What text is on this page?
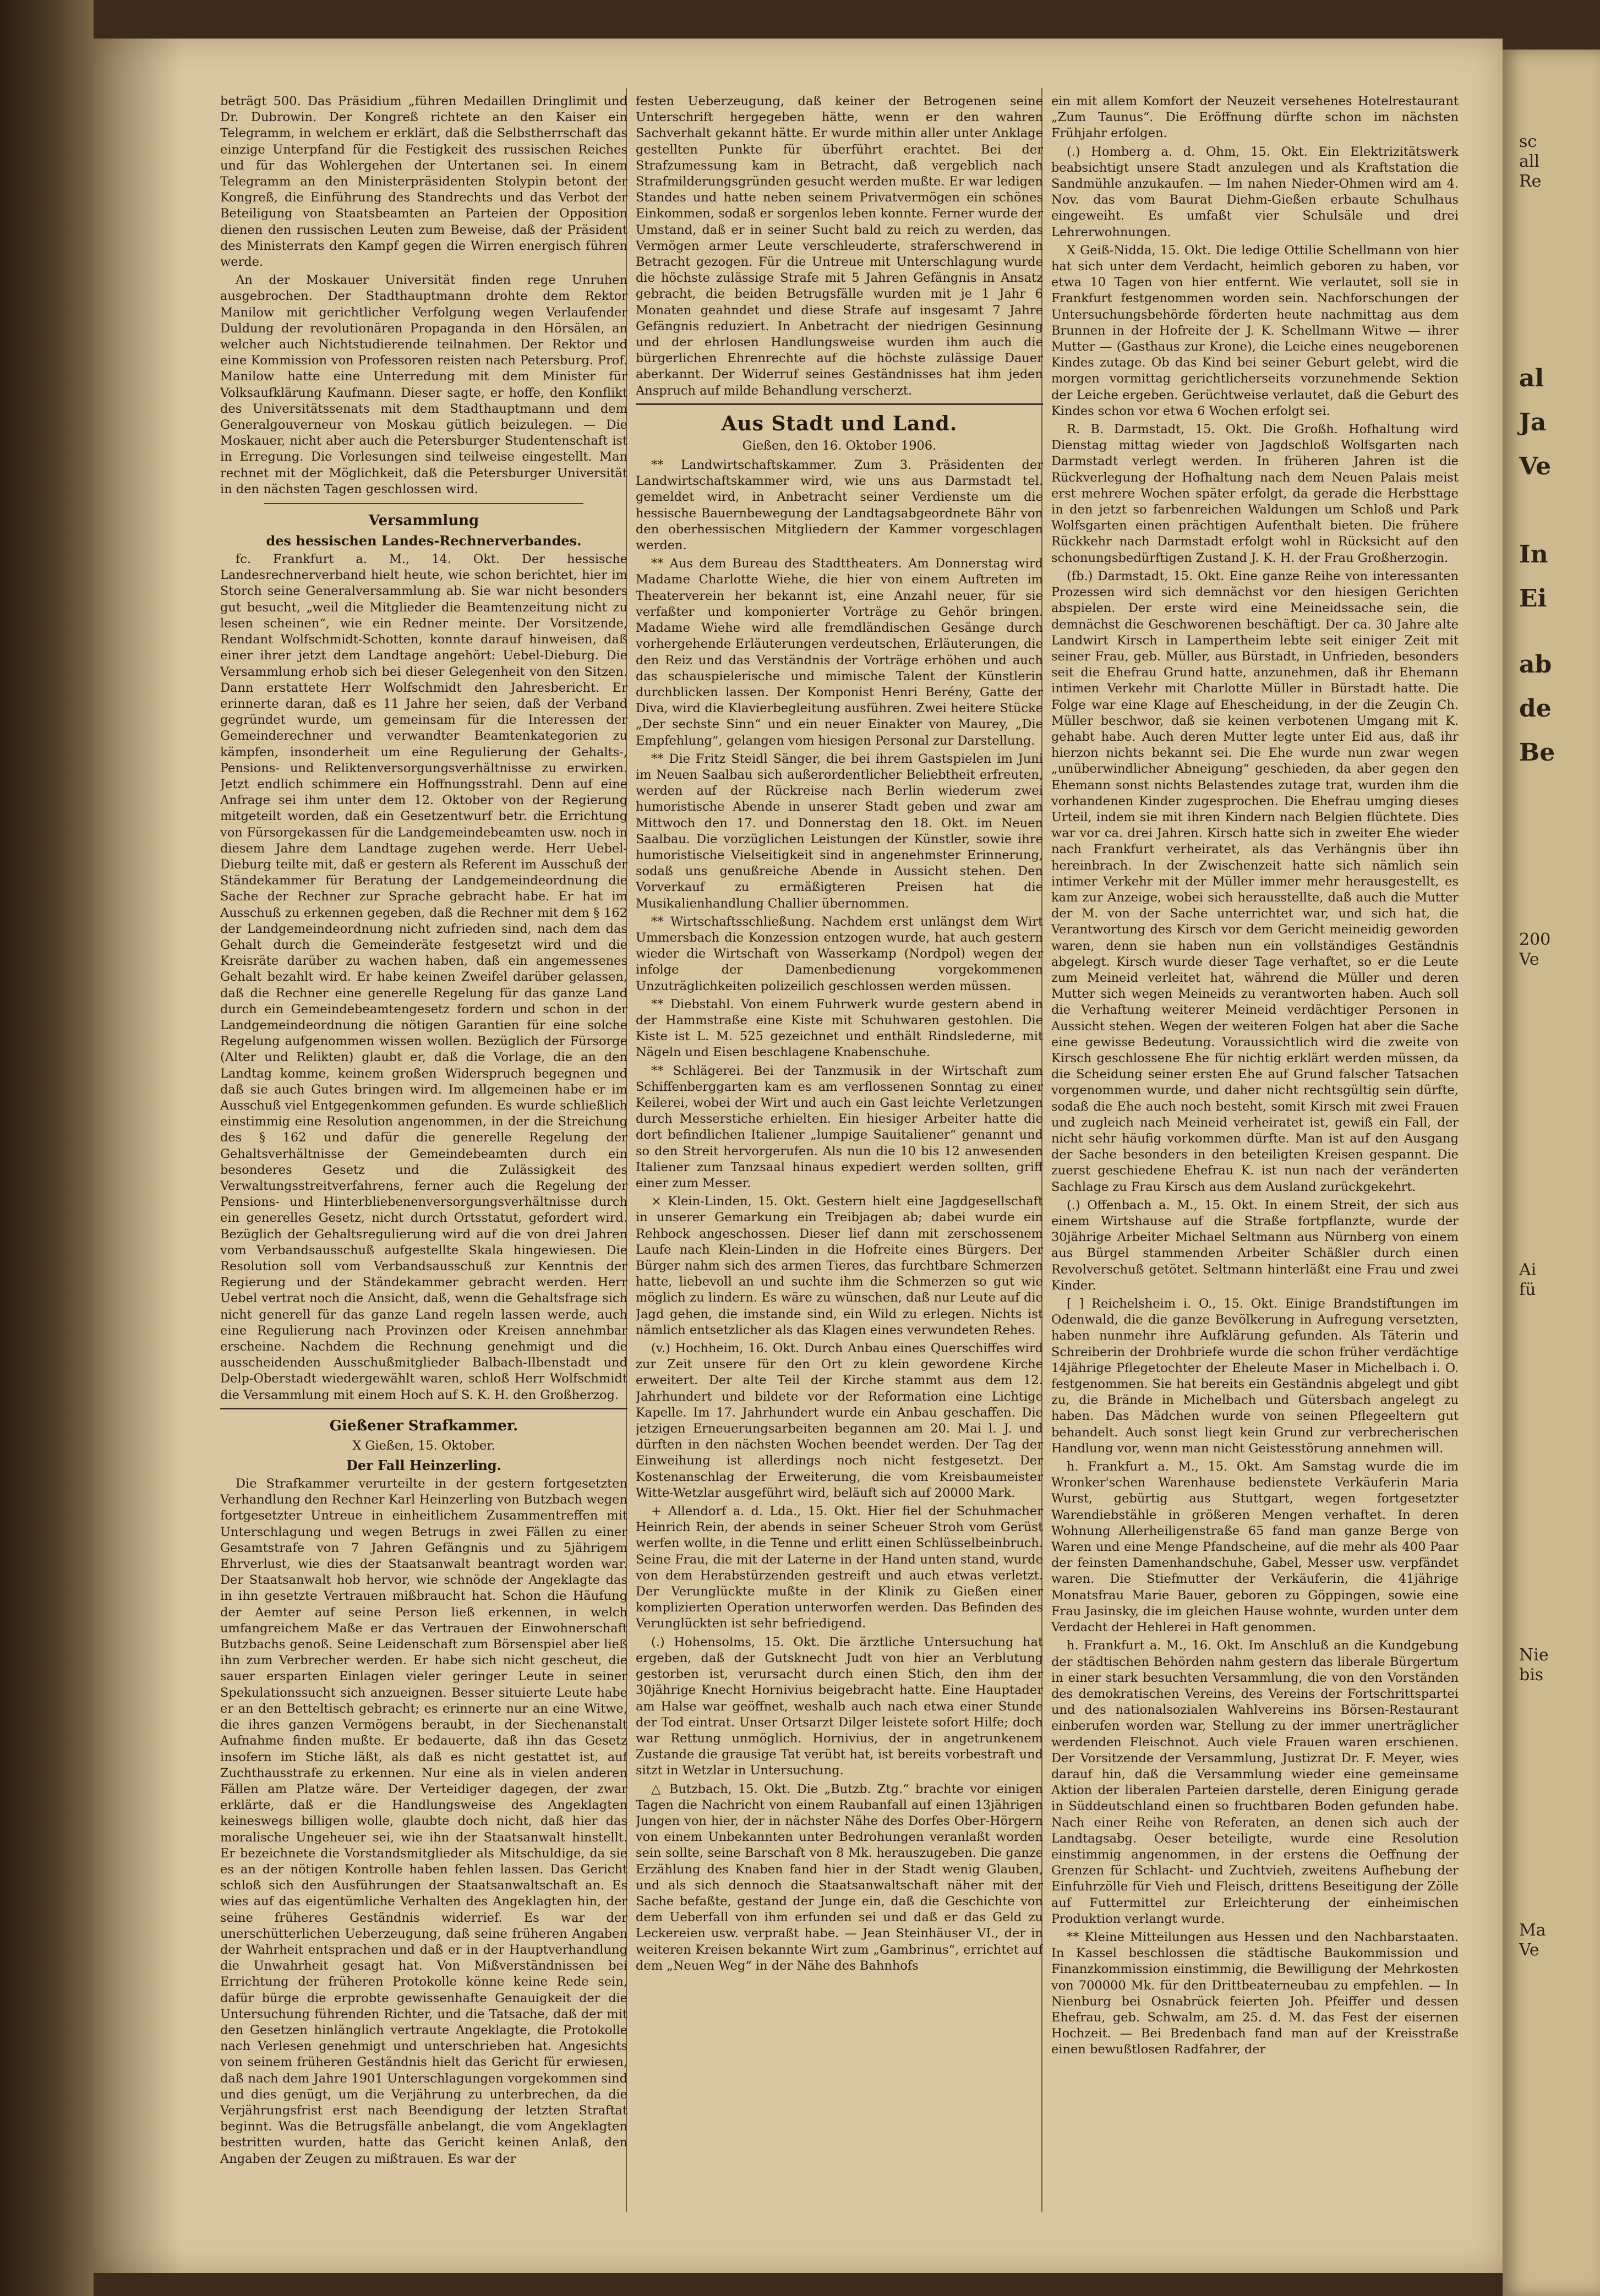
sc
all
Re
al
Ja
Ve
In
Ei
ab
de
Be
200
Ve
Ai
fü
Nie
bis
Ma
Ve

beträgt 500. Das Präsidium „führen Medaillen Dringlimit und Dr. Dubrowin. Der Kongreß richtete an den Kaiser ein Telegramm, in welchem er erklärt, daß die Selbstherrschaft das einzige Unterpfand für die Festigkeit des russischen Reiches und für das Wohlergehen der Untertanen sei. In einem Telegramm an den Ministerpräsidenten Stolypin betont der Kongreß, die Einführung des Standrechts und das Verbot der Beteiligung von Staatsbeamten an Parteien der Opposition dienen den russischen Leuten zum Beweise, daß der Präsident des Ministerrats den Kampf gegen die Wirren energisch führen werde.

An der Moskauer Universität finden rege Unruhen ausgebrochen. Der Stadthauptmann drohte dem Rektor Manilow mit gerichtlicher Verfolgung wegen Verlaufender Duldung der revolutionären Propaganda in den Hörsälen, an welcher auch Nichtstudierende teilnahmen. Der Rektor und eine Kommission von Professoren reisten nach Petersburg. Prof. Manilow hatte eine Unterredung mit dem Minister für Volksaufklärung Kaufmann. Dieser sagte, er hoffe, den Konflikt des Universitätssenats mit dem Stadthauptmann und dem Generalgouverneur von Moskau gütlich beizulegen. — Die Moskauer, nicht aber auch die Petersburger Studentenschaft ist in Erregung. Die Vorlesungen sind teilweise eingestellt. Man rechnet mit der Möglichkeit, daß die Petersburger Universität in den nächsten Tagen geschlossen wird.

Versammlung

des hessischen Landes-Rechnerverbandes.

fc. Frankfurt a. M., 14. Okt. Der hessische Landesrechnerverband hielt heute, wie schon berichtet, hier im Storch seine Generalversammlung ab. Sie war nicht besonders gut besucht, „weil die Mitglieder die Beamtenzeitung nicht zu lesen scheinen“, wie ein Redner meinte. Der Vorsitzende, Rendant Wolfschmidt-Schotten, konnte darauf hinweisen, daß einer ihrer jetzt dem Landtage angehört: Uebel-Dieburg. Die Versammlung erhob sich bei dieser Gelegenheit von den Sitzen. Dann erstattete Herr Wolfschmidt den Jahresbericht. Er erinnerte daran, daß es 11 Jahre her seien, daß der Verband gegründet wurde, um gemeinsam für die Interessen der Gemeinderechner und verwandter Beamtenkategorien zu kämpfen, insonderheit um eine Regulierung der Gehalts-, Pensions- und Reliktenversorgungsverhältnisse zu erwirken. Jetzt endlich schimmere ein Hoffnungsstrahl. Denn auf eine Anfrage sei ihm unter dem 12. Oktober von der Regierung mitgeteilt worden, daß ein Gesetzentwurf betr. die Errichtung von Fürsorgekassen für die Landgemeindebeamten usw. noch in diesem Jahre dem Landtage zugehen werde. Herr Uebel-Dieburg teilte mit, daß er gestern als Referent im Ausschuß der Ständekammer für Beratung der Landgemeindeordnung die Sache der Rechner zur Sprache gebracht habe. Er hat im Ausschuß zu erkennen gegeben, daß die Rechner mit dem § 162 der Landgemeindeordnung nicht zufrieden sind, nach dem das Gehalt durch die Gemeinderäte festgesetzt wird und die Kreisräte darüber zu wachen haben, daß ein angemessenes Gehalt bezahlt wird. Er habe keinen Zweifel darüber gelassen, daß die Rechner eine generelle Regelung für das ganze Land durch ein Gemeindebeamtengesetz fordern und schon in der Landgemeindeordnung die nötigen Garantien für eine solche Regelung aufgenommen wissen wollen. Bezüglich der Fürsorge (Alter und Relikten) glaubt er, daß die Vorlage, die an den Landtag komme, keinem großen Widerspruch begegnen und daß sie auch Gutes bringen wird. Im allgemeinen habe er im Ausschuß viel Entgegenkommen gefunden. Es wurde schließlich einstimmig eine Resolution angenommen, in der die Streichung des § 162 und dafür die generelle Regelung der Gehaltsverhältnisse der Gemeindebeamten durch ein besonderes Gesetz und die Zulässigkeit des Verwaltungsstreitverfahrens, ferner auch die Regelung der Pensions- und Hinterbliebenenversorgungsverhältnisse durch ein generelles Gesetz, nicht durch Ortsstatut, gefordert wird. Bezüglich der Gehaltsregulierung wird auf die von drei Jahren vom Verbandsausschuß aufgestellte Skala hingewiesen. Die Resolution soll vom Verbandsausschuß zur Kenntnis der Regierung und der Ständekammer gebracht werden. Herr Uebel vertrat noch die Ansicht, daß, wenn die Gehaltsfrage sich nicht generell für das ganze Land regeln lassen werde, auch eine Regulierung nach Provinzen oder Kreisen annehmbar erscheine. Nachdem die Rechnung genehmigt und die ausscheidenden Ausschußmitglieder Balbach-Ilbenstadt und Delp-Oberstadt wiedergewählt waren, schloß Herr Wolfschmidt die Versammlung mit einem Hoch auf S. K. H. den Großherzog.

Gießener Strafkammer.

X Gießen, 15. Oktober.

Der Fall Heinzerling.

Die Strafkammer verurteilte in der gestern fortgesetzten Verhandlung den Rechner Karl Heinzerling von Butzbach wegen fortgesetzter Untreue in einheitlichem Zusammentreffen mit Unterschlagung und wegen Betrugs in zwei Fällen zu einer Gesamtstrafe von 7 Jahren Gefängnis und zu 5jährigem Ehrverlust, wie dies der Staatsanwalt beantragt worden war. Der Staatsanwalt hob hervor, wie schnöde der Angeklagte das in ihn gesetzte Vertrauen mißbraucht hat. Schon die Häufung der Aemter auf seine Person ließ erkennen, in welch umfangreichem Maße er das Vertrauen der Einwohnerschaft Butzbachs genoß. Seine Leidenschaft zum Börsenspiel aber ließ ihn zum Verbrecher werden. Er habe sich nicht gescheut, die sauer ersparten Einlagen vieler geringer Leute in seiner Spekulationssucht sich anzueignen. Besser situierte Leute habe er an den Betteltisch gebracht; es erinnerte nur an eine Witwe, die ihres ganzen Vermögens beraubt, in der Siechenanstalt Aufnahme finden mußte. Er bedauerte, daß ihn das Gesetz insofern im Stiche läßt, als daß es nicht gestattet ist, auf Zuchthausstrafe zu erkennen. Nur eine als in vielen anderen Fällen am Platze wäre. Der Verteidiger dagegen, der zwar erklärte, daß er die Handlungsweise des Angeklagten keineswegs billigen wolle, glaubte doch nicht, daß hier das moralische Ungeheuer sei, wie ihn der Staatsanwalt hinstellt. Er bezeichnete die Vorstandsmitglieder als Mitschuldige, da sie es an der nötigen Kontrolle haben fehlen lassen. Das Gericht schloß sich den Ausführungen der Staatsanwaltschaft an. Es wies auf das eigentümliche Verhalten des Angeklagten hin, der seine früheres Geständnis widerrief. Es war der unerschütterlichen Ueberzeugung, daß seine früheren Angaben der Wahrheit entsprachen und daß er in der Hauptverhandlung die Unwahrheit gesagt hat. Von Mißverständnissen bei Errichtung der früheren Protokolle könne keine Rede sein, dafür bürge die erprobte gewissenhafte Genauigkeit der die Untersuchung führenden Richter, und die Tatsache, daß der mit den Gesetzen hinlänglich vertraute Angeklagte, die Protokolle nach Verlesen genehmigt und unterschrieben hat. Angesichts von seinem früheren Geständnis hielt das Gericht für erwiesen, daß nach dem Jahre 1901 Unterschlagungen vorgekommen sind und dies genügt, um die Verjährung zu unterbrechen, da die Verjährungsfrist erst nach Beendigung der letzten Straftat beginnt. Was die Betrugsfälle anbelangt, die vom Angeklagten bestritten wurden, hatte das Gericht keinen Anlaß, den Angaben der Zeugen zu mißtrauen. Es war der

festen Ueberzeugung, daß keiner der Betrogenen seine Unterschrift hergegeben hätte, wenn er den wahren Sachverhalt gekannt hätte. Er wurde mithin aller unter Anklage gestellten Punkte für überführt erachtet. Bei der Strafzumessung kam in Betracht, daß vergeblich nach Strafmilderungsgründen gesucht werden mußte. Er war ledigen Standes und hatte neben seinem Privatvermögen ein schönes Einkommen, sodaß er sorgenlos leben konnte. Ferner wurde der Umstand, daß er in seiner Sucht bald zu reich zu werden, das Vermögen armer Leute verschleuderte, straferschwerend in Betracht gezogen. Für die Untreue mit Unterschlagung wurde die höchste zulässige Strafe mit 5 Jahren Gefängnis in Ansatz gebracht, die beiden Betrugsfälle wurden mit je 1 Jahr 6 Monaten geahndet und diese Strafe auf insgesamt 7 Jahre Gefängnis reduziert. In Anbetracht der niedrigen Gesinnung und der ehrlosen Handlungsweise wurden ihm auch die bürgerlichen Ehrenrechte auf die höchste zulässige Dauer aberkannt. Der Widerruf seines Geständnisses hat ihm jeden Anspruch auf milde Behandlung verscherzt.

Aus Stadt und Land.

Gießen, den 16. Oktober 1906.

** Landwirtschaftskammer. Zum 3. Präsidenten der Landwirtschaftskammer wird, wie uns aus Darmstadt tel. gemeldet wird, in Anbetracht seiner Verdienste um die hessische Bauernbewegung der Landtagsabgeordnete Bähr von den oberhessischen Mitgliedern der Kammer vorgeschlagen werden.

** Aus dem Bureau des Stadttheaters. Am Donnerstag wird Madame Charlotte Wiehe, die hier von einem Auftreten im Theaterverein her bekannt ist, eine Anzahl neuer, für sie verfaßter und komponierter Vorträge zu Gehör bringen. Madame Wiehe wird alle fremdländischen Gesänge durch vorhergehende Erläuterungen verdeutschen, Erläuterungen, die den Reiz und das Verständnis der Vorträge erhöhen und auch das schauspielerische und mimische Talent der Künstlerin durchblicken lassen. Der Komponist Henri Berény, Gatte der Diva, wird die Klavierbegleitung ausführen. Zwei heitere Stücke „Der sechste Sinn“ und ein neuer Einakter von Maurey, „Die Empfehlung“, gelangen vom hiesigen Personal zur Darstellung.

** Die Fritz Steidl Sänger, die bei ihrem Gastspielen im Juni im Neuen Saalbau sich außerordentlicher Beliebtheit erfreuten, werden auf der Rückreise nach Berlin wiederum zwei humoristische Abende in unserer Stadt geben und zwar am Mittwoch den 17. und Donnerstag den 18. Okt. im Neuen Saalbau. Die vorzüglichen Leistungen der Künstler, sowie ihre humoristische Vielseitigkeit sind in angenehmster Erinnerung, sodaß uns genußreiche Abende in Aussicht stehen. Den Vorverkauf zu ermäßigteren Preisen hat die Musikalienhandlung Challier übernommen.

** Wirtschaftsschließung. Nachdem erst unlängst dem Wirt Ummersbach die Konzession entzogen wurde, hat auch gestern wieder die Wirtschaft von Wasserkamp (Nordpol) wegen der infolge der Damenbedienung vorgekommenen Unzuträglichkeiten polizeilich geschlossen werden müssen.

** Diebstahl. Von einem Fuhrwerk wurde gestern abend in der Hammstraße eine Kiste mit Schuhwaren gestohlen. Die Kiste ist L. M. 525 gezeichnet und enthält Rindslederne, mit Nägeln und Eisen beschlagene Knabenschuhe.

** Schlägerei. Bei der Tanzmusik in der Wirtschaft zum Schiffenberggarten kam es am verflossenen Sonntag zu einer Keilerei, wobei der Wirt und auch ein Gast leichte Verletzungen durch Messerstiche erhielten. Ein hiesiger Arbeiter hatte die dort befindlichen Italiener „lumpige Sauitaliener“ genannt und so den Streit hervorgerufen. Als nun die 10 bis 12 anwesenden Italiener zum Tanzsaal hinaus expediert werden sollten, griff einer zum Messer.

× Klein-Linden, 15. Okt. Gestern hielt eine Jagdgesellschaft in unserer Gemarkung ein Treibjagen ab; dabei wurde ein Rehbock angeschossen. Dieser lief dann mit zerschossenem Laufe nach Klein-Linden in die Hofreite eines Bürgers. Der Bürger nahm sich des armen Tieres, das furchtbare Schmerzen hatte, liebevoll an und suchte ihm die Schmerzen so gut wie möglich zu lindern. Es wäre zu wünschen, daß nur Leute auf die Jagd gehen, die imstande sind, ein Wild zu erlegen. Nichts ist nämlich entsetzlicher als das Klagen eines verwundeten Rehes.

(v.) Hochheim, 16. Okt. Durch Anbau eines Querschiffes wird zur Zeit unsere für den Ort zu klein gewordene Kirche erweitert. Der alte Teil der Kirche stammt aus dem 12. Jahrhundert und bildete vor der Reformation eine Lichtige Kapelle. Im 17. Jahrhundert wurde ein Anbau geschaffen. Die jetzigen Erneuerungsarbeiten begannen am 20. Mai l. J. und dürften in den nächsten Wochen beendet werden. Der Tag der Einweihung ist allerdings noch nicht festgesetzt. Der Kostenanschlag der Erweiterung, die vom Kreisbaumeister Witte-Wetzlar ausgeführt wird, beläuft sich auf 20000 Mark.

+ Allendorf a. d. Lda., 15. Okt. Hier fiel der Schuhmacher Heinrich Rein, der abends in seiner Scheuer Stroh vom Gerüst werfen wollte, in die Tenne und erlitt einen Schlüsselbeinbruch. Seine Frau, die mit der Laterne in der Hand unten stand, wurde von dem Herabstürzenden gestreift und auch etwas verletzt. Der Verunglückte mußte in der Klinik zu Gießen einer komplizierten Operation unterworfen werden. Das Befinden des Verunglückten ist sehr befriedigend.

(.) Hohensolms, 15. Okt. Die ärztliche Untersuchung hat ergeben, daß der Gutsknecht Judt von hier an Verblutung gestorben ist, verursacht durch einen Stich, den ihm der 30jährige Knecht Hornivius beigebracht hatte. Eine Hauptader am Halse war geöffnet, weshalb auch nach etwa einer Stunde der Tod eintrat. Unser Ortsarzt Dilger leistete sofort Hilfe; doch war Rettung unmöglich. Hornivius, der in angetrunkenem Zustande die grausige Tat verübt hat, ist bereits vorbestraft und sitzt in Wetzlar in Untersuchung.

△ Butzbach, 15. Okt. Die „Butzb. Ztg.“ brachte vor einigen Tagen die Nachricht von einem Raubanfall auf einen 13jährigen Jungen von hier, der in nächster Nähe des Dorfes Ober-Hörgern von einem Unbekannten unter Bedrohungen veranlaßt worden sein sollte, seine Barschaft von 8 Mk. herauszugeben. Die ganze Erzählung des Knaben fand hier in der Stadt wenig Glauben, und als sich dennoch die Staatsanwaltschaft näher mit der Sache befaßte, gestand der Junge ein, daß die Geschichte von dem Ueberfall von ihm erfunden sei und daß er das Geld zu Leckereien usw. verpraßt habe. — Jean Steinhäuser VI., der in weiteren Kreisen bekannte Wirt zum „Gambrinus“, errichtet auf dem „Neuen Weg“ in der Nähe des Bahnhofs

ein mit allem Komfort der Neuzeit versehenes Hotelrestaurant „Zum Taunus“. Die Eröffnung dürfte schon im nächsten Frühjahr erfolgen.

(.) Homberg a. d. Ohm, 15. Okt. Ein Elektrizitätswerk beabsichtigt unsere Stadt anzulegen und als Kraftstation die Sandmühle anzukaufen. — Im nahen Nieder-Ohmen wird am 4. Nov. das vom Baurat Diehm-Gießen erbaute Schulhaus eingeweiht. Es umfaßt vier Schulsäle und drei Lehrerwohnungen.

X Geiß-Nidda, 15. Okt. Die ledige Ottilie Schellmann von hier hat sich unter dem Verdacht, heimlich geboren zu haben, vor etwa 10 Tagen von hier entfernt. Wie verlautet, soll sie in Frankfurt festgenommen worden sein. Nachforschungen der Untersuchungsbehörde förderten heute nachmittag aus dem Brunnen in der Hofreite der J. K. Schellmann Witwe — ihrer Mutter — (Gasthaus zur Krone), die Leiche eines neugeborenen Kindes zutage. Ob das Kind bei seiner Geburt gelebt, wird die morgen vormittag gerichtlicherseits vorzunehmende Sektion der Leiche ergeben. Gerüchtweise verlautet, daß die Geburt des Kindes schon vor etwa 6 Wochen erfolgt sei.

R. B. Darmstadt, 15. Okt. Die Großh. Hofhaltung wird Dienstag mittag wieder von Jagdschloß Wolfsgarten nach Darmstadt verlegt werden. In früheren Jahren ist die Rückverlegung der Hofhaltung nach dem Neuen Palais meist erst mehrere Wochen später erfolgt, da gerade die Herbsttage in den jetzt so farbenreichen Waldungen um Schloß und Park Wolfsgarten einen prächtigen Aufenthalt bieten. Die frühere Rückkehr nach Darmstadt erfolgt wohl in Rücksicht auf den schonungsbedürftigen Zustand J. K. H. der Frau Großherzogin.

(fb.) Darmstadt, 15. Okt. Eine ganze Reihe von interessanten Prozessen wird sich demnächst vor den hiesigen Gerichten abspielen. Der erste wird eine Meineidssache sein, die demnächst die Geschworenen beschäftigt. Der ca. 30 Jahre alte Landwirt Kirsch in Lampertheim lebte seit einiger Zeit mit seiner Frau, geb. Müller, aus Bürstadt, in Unfrieden, besonders seit die Ehefrau Grund hatte, anzunehmen, daß ihr Ehemann intimen Verkehr mit Charlotte Müller in Bürstadt hatte. Die Folge war eine Klage auf Ehescheidung, in der die Zeugin Ch. Müller beschwor, daß sie keinen verbotenen Umgang mit K. gehabt habe. Auch deren Mutter legte unter Eid aus, daß ihr hierzon nichts bekannt sei. Die Ehe wurde nun zwar wegen „unüberwindlicher Abneigung“ geschieden, da aber gegen den Ehemann sonst nichts Belastendes zutage trat, wurden ihm die vorhandenen Kinder zugesprochen. Die Ehefrau umging dieses Urteil, indem sie mit ihren Kindern nach Belgien flüchtete. Dies war vor ca. drei Jahren. Kirsch hatte sich in zweiter Ehe wieder nach Frankfurt verheiratet, als das Verhängnis über ihn hereinbrach. In der Zwischenzeit hatte sich nämlich sein intimer Verkehr mit der Müller immer mehr herausgestellt, es kam zur Anzeige, wobei sich herausstellte, daß auch die Mutter der M. von der Sache unterrichtet war, und sich hat, die Verantwortung des Kirsch vor dem Gericht meineidig geworden waren, denn sie haben nun ein vollständiges Geständnis abgelegt. Kirsch wurde dieser Tage verhaftet, so er die Leute zum Meineid verleitet hat, während die Müller und deren Mutter sich wegen Meineids zu verantworten haben. Auch soll die Verhaftung weiterer Meineid verdächtiger Personen in Aussicht stehen. Wegen der weiteren Folgen hat aber die Sache eine gewisse Bedeutung. Voraussichtlich wird die zweite von Kirsch geschlossene Ehe für nichtig erklärt werden müssen, da die Scheidung seiner ersten Ehe auf Grund falscher Tatsachen vorgenommen wurde, und daher nicht rechtsgültig sein dürfte, sodaß die Ehe auch noch besteht, somit Kirsch mit zwei Frauen und zugleich nach Meineid verheiratet ist, gewiß ein Fall, der nicht sehr häufig vorkommen dürfte. Man ist auf den Ausgang der Sache besonders in den beteiligten Kreisen gespannt. Die zuerst geschiedene Ehefrau K. ist nun nach der veränderten Sachlage zu Frau Kirsch aus dem Ausland zurückgekehrt.

(.) Offenbach a. M., 15. Okt. In einem Streit, der sich aus einem Wirtshause auf die Straße fortpflanzte, wurde der 30jährige Arbeiter Michael Seltmann aus Nürnberg von einem aus Bürgel stammenden Arbeiter Schäßler durch einen Revolverschuß getötet. Seltmann hinterläßt eine Frau und zwei Kinder.

[ ] Reichelsheim i. O., 15. Okt. Einige Brandstiftungen im Odenwald, die die ganze Bevölkerung in Aufregung versetzten, haben nunmehr ihre Aufklärung gefunden. Als Täterin und Schreiberin der Drohbriefe wurde die schon früher verdächtige 14jährige Pflegetochter der Eheleute Maser in Michelbach i. O. festgenommen. Sie hat bereits ein Geständnis abgelegt und gibt zu, die Brände in Michelbach und Gütersbach angelegt zu haben. Das Mädchen wurde von seinen Pflegeeltern gut behandelt. Auch sonst liegt kein Grund zur verbrecherischen Handlung vor, wenn man nicht Geistesstörung annehmen will.

h. Frankfurt a. M., 15. Okt. Am Samstag wurde die im Wronker'schen Warenhause bedienstete Verkäuferin Maria Wurst, gebürtig aus Stuttgart, wegen fortgesetzter Warendiebstähle in größeren Mengen verhaftet. In deren Wohnung Allerheiligenstraße 65 fand man ganze Berge von Waren und eine Menge Pfandscheine, auf die mehr als 400 Paar der feinsten Damenhandschuhe, Gabel, Messer usw. verpfändet waren. Die Stiefmutter der Verkäuferin, die 41jährige Monatsfrau Marie Bauer, geboren zu Göppingen, sowie eine Frau Jasinsky, die im gleichen Hause wohnte, wurden unter dem Verdacht der Hehlerei in Haft genommen.

h. Frankfurt a. M., 16. Okt. Im Anschluß an die Kundgebung der städtischen Behörden nahm gestern das liberale Bürgertum in einer stark besuchten Versammlung, die von den Vorständen des demokratischen Vereins, des Vereins der Fortschrittspartei und des nationalsozialen Wahlvereins ins Börsen-Restaurant einberufen worden war, Stellung zu der immer unerträglicher werdenden Fleischnot. Auch viele Frauen waren erschienen. Der Vorsitzende der Versammlung, Justizrat Dr. F. Meyer, wies darauf hin, daß die Versammlung wieder eine gemeinsame Aktion der liberalen Parteien darstelle, deren Einigung gerade in Süddeutschland einen so fruchtbaren Boden gefunden habe. Nach einer Reihe von Referaten, an denen sich auch der Landtagsabg. Oeser beteiligte, wurde eine Resolution einstimmig angenommen, in der erstens die Oeffnung der Grenzen für Schlacht- und Zuchtvieh, zweitens Aufhebung der Einfuhrzölle für Vieh und Fleisch, drittens Beseitigung der Zölle auf Futtermittel zur Erleichterung der einheimischen Produktion verlangt wurde.

** Kleine Mitteilungen aus Hessen und den Nachbarstaaten. In Kassel beschlossen die städtische Baukommission und Finanzkommission einstimmig, die Bewilligung der Mehrkosten von 700000 Mk. für den Drittbeaterneubau zu empfehlen. — In Nienburg bei Osnabrück feierten Joh. Pfeiffer und dessen Ehefrau, geb. Schwalm, am 25. d. M. das Fest der eisernen Hochzeit. — Bei Bredenbach fand man auf der Kreisstraße einen bewußtlosen Radfahrer, der
